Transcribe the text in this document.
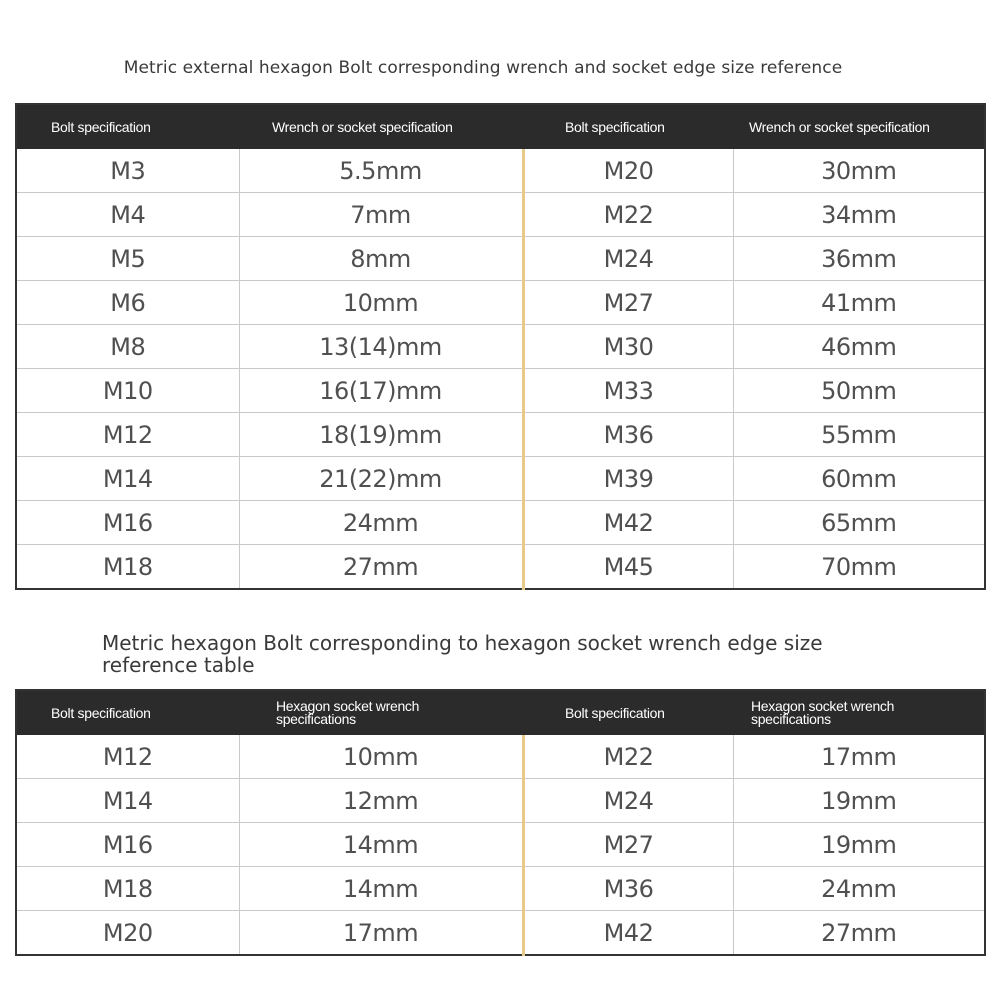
Metric external hexagon Bolt corresponding wrench and socket edge size reference

Bolt specification	Wrench or socket specification	Bolt specification	Wrench or socket specification
M3	5.5mm	M20	30mm
M4	7mm	M22	34mm
M5	8mm	M24	36mm
M6	10mm	M27	41mm
M8	13(14)mm	M30	46mm
M10	16(17)mm	M33	50mm
M12	18(19)mm	M36	55mm
M14	21(22)mm	M39	60mm
M16	24mm	M42	65mm
M18	27mm	M45	70mm

Metric hexagon Bolt corresponding to hexagon socket wrench edge size reference table

Bolt specification	Hexagon socket wrench specifications	Bolt specification	Hexagon socket wrench specifications

M12	10mm	M22	17mm
M14	12mm	M24	19mm
M16	14mm	M27	19mm
M18	14mm	M36	24mm
M20	17mm	M42	27mm
